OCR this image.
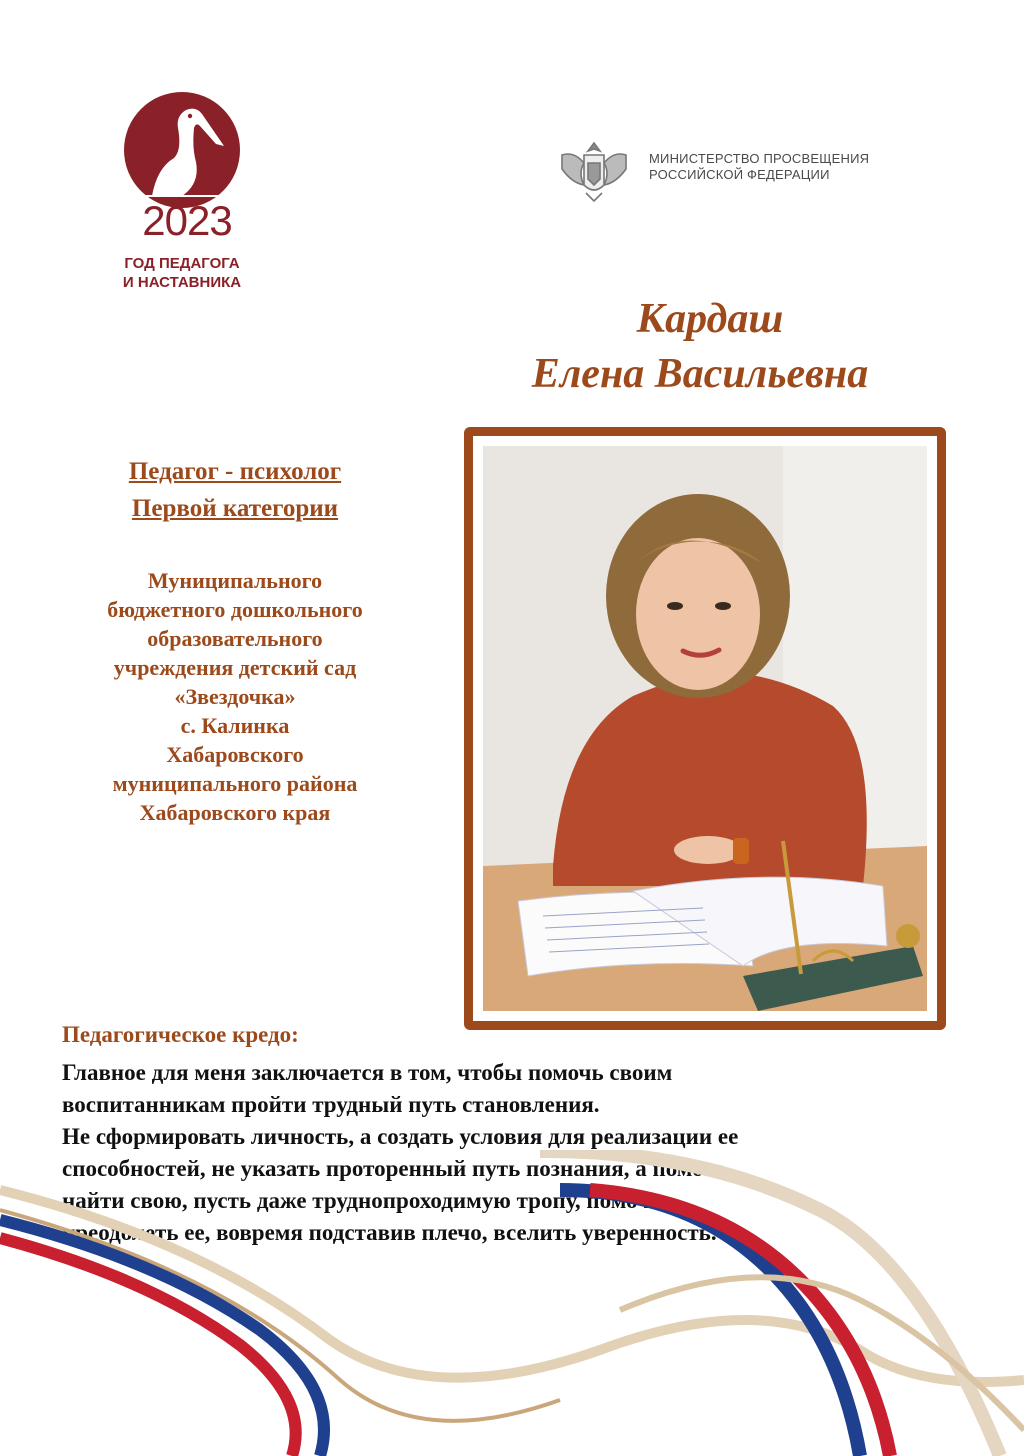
2023
ГОД ПЕДАГОГА
И НАСТАВНИКА
МИНИСТЕРСТВО ПРОСВЕЩЕНИЯ
РОССИЙСКОЙ ФЕДЕРАЦИИ
Кардаш
Елена Васильевна
Педагог - психолог
Первой категории
Муниципального
бюджетного дошкольного
образовательного
учреждения детский сад
«Звездочка»
с. Калинка
Хабаровского
муниципального района
Хабаровского края
Педагогическое кредо:

Главное для меня заключается в том, чтобы помочь своим

воспитанникам пройти трудный путь становления.

Не сформировать личность, а создать условия для реализации ее

способностей, не указать проторенный путь познания, а помочь

найти свою, пусть даже труднопроходимую тропу, помочь

преодолеть ее, вовремя подставив плечо, вселить уверенность.
